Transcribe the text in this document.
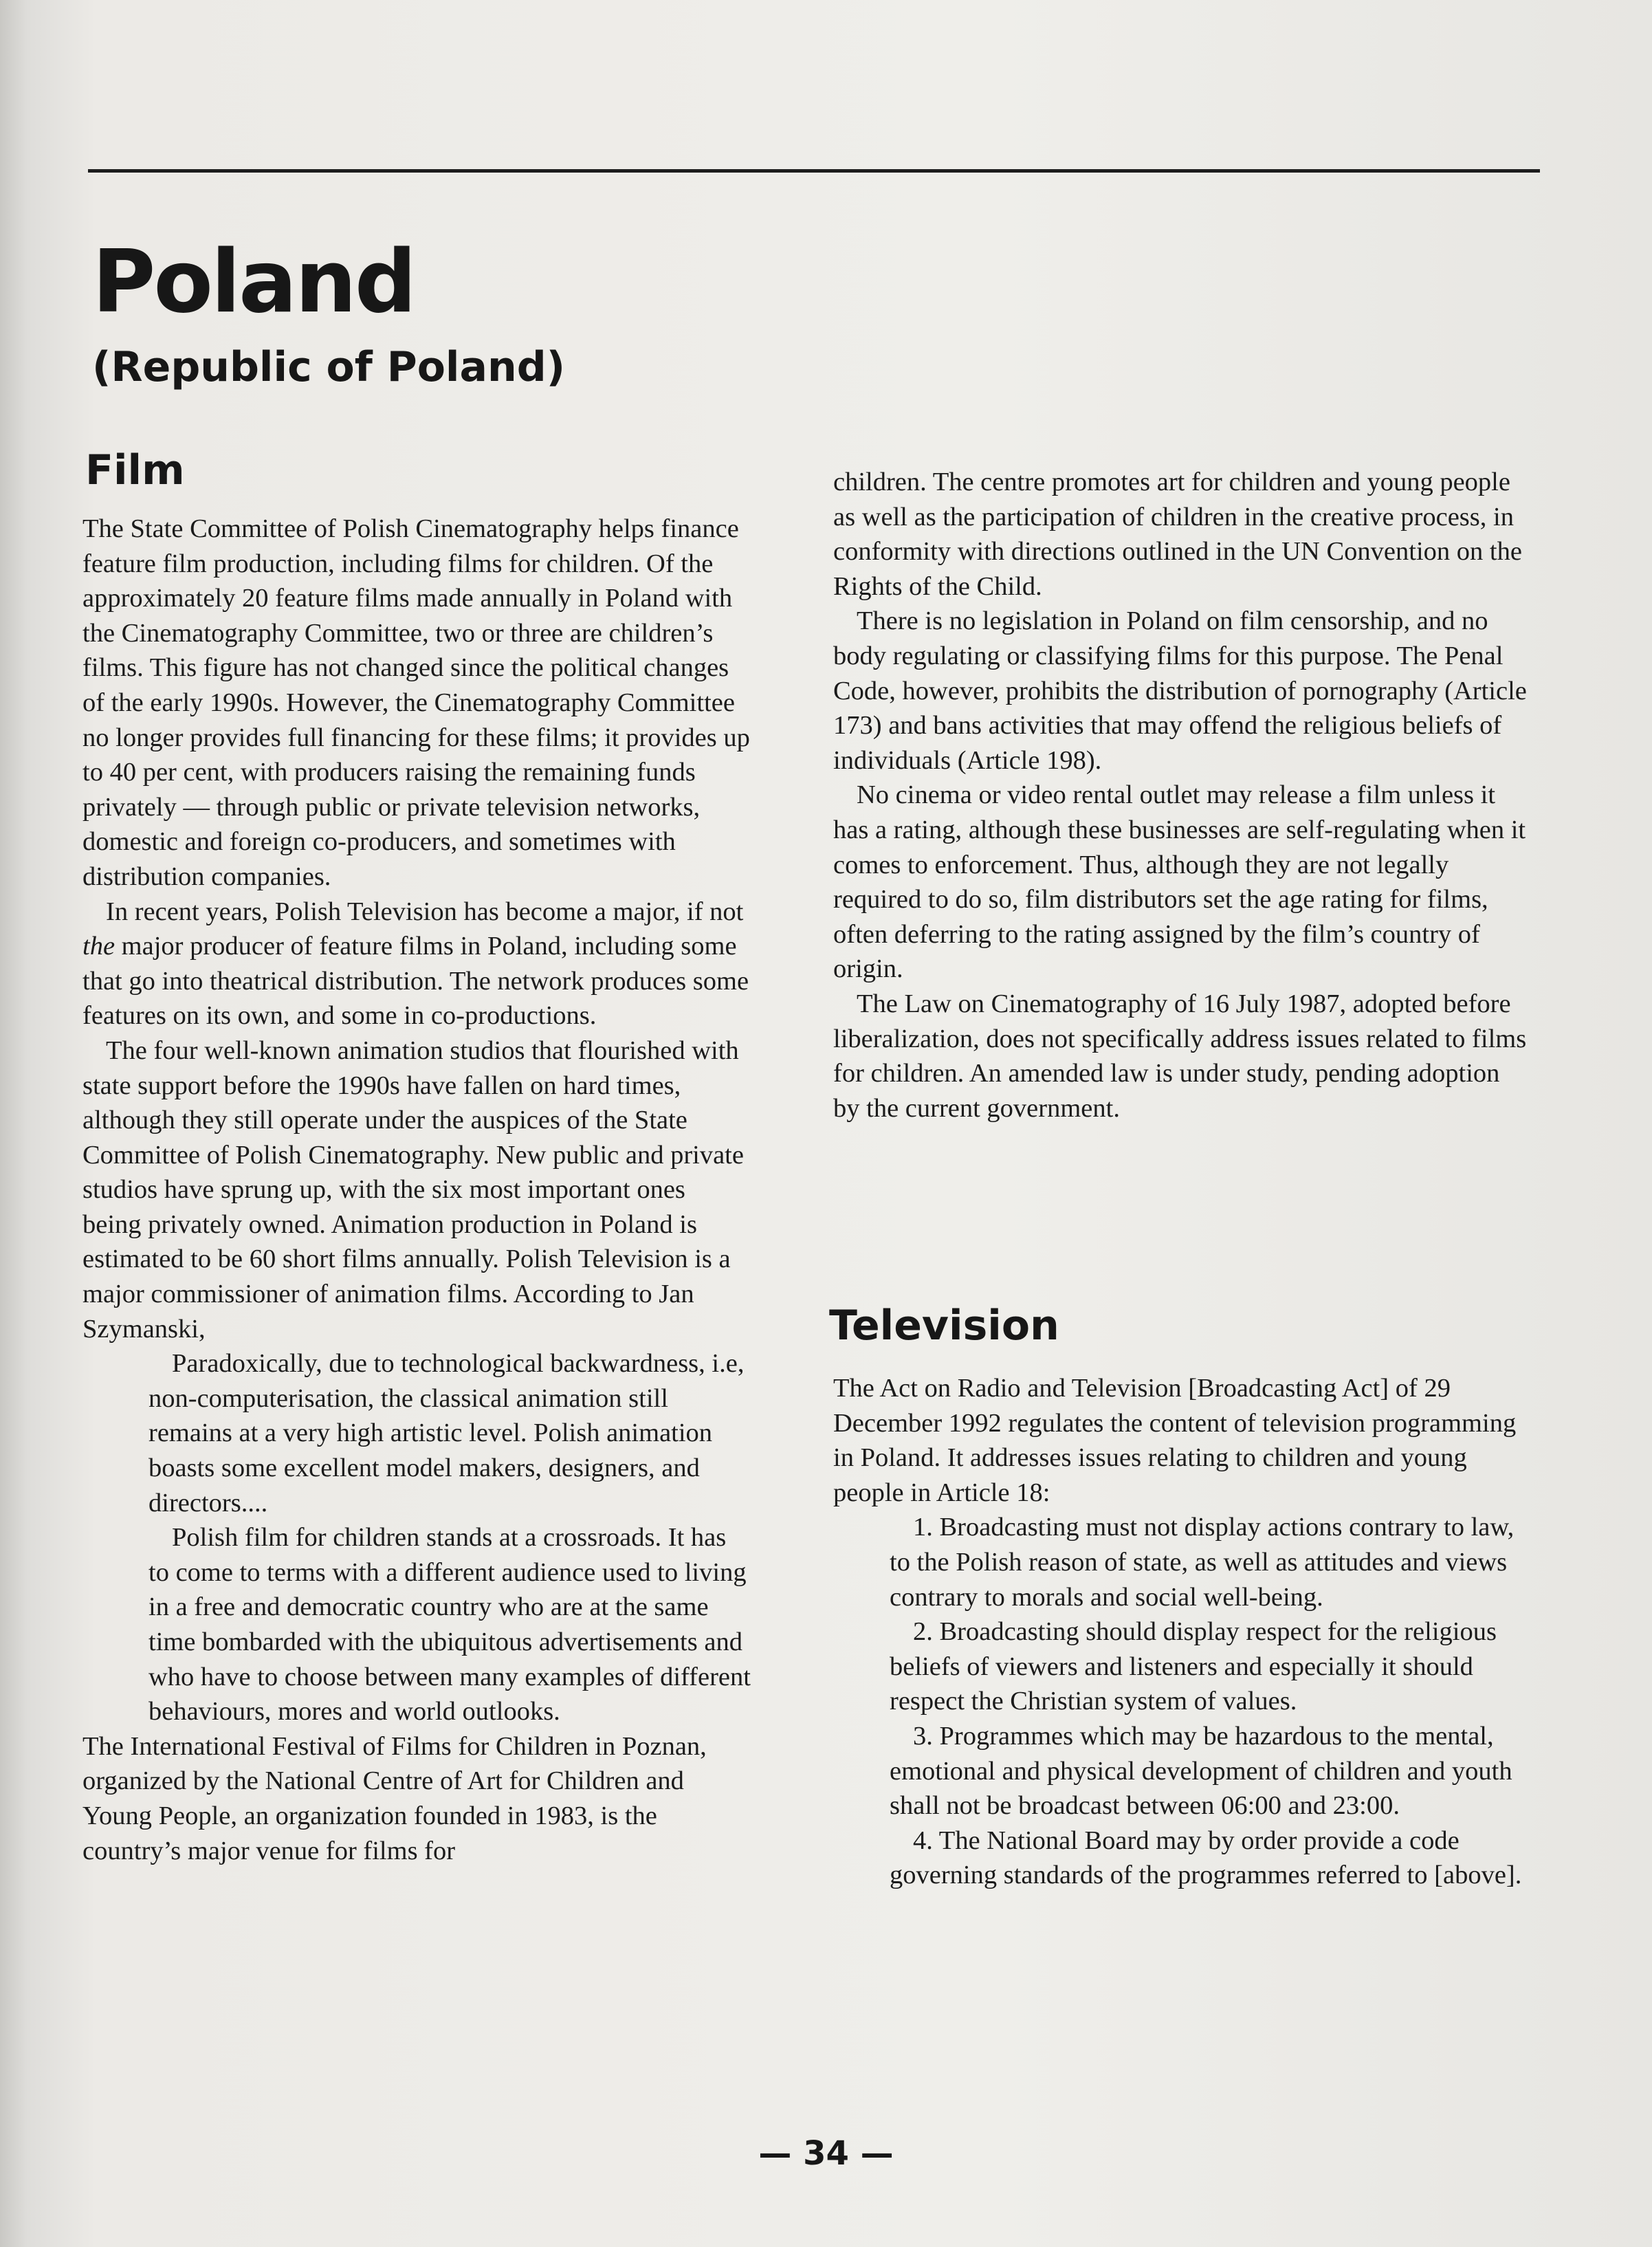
Poland
(Republic of Poland)
Film

The State Committee of Polish Cinematography helps finance feature film production, including films for children. Of the approximately 20 feature films made annually in Poland with the Cinematography Committee, two or three are children’s films. This figure has not changed since the political changes of the early 1990s. However, the Cinematography Committee no longer provides full financing for these films; it provides up to 40 per cent, with producers raising the remaining funds privately — through public or private television networks, domestic and foreign co-producers, and sometimes with distribution companies.

In recent years, Polish Television has become a major, if not the major producer of feature films in Poland, including some that go into theatrical distribution. The network produces some features on its own, and some in co-productions.

The four well-known animation studios that flourished with state support before the 1990s have fallen on hard times, although they still operate under the auspices of the State Committee of Polish Cinematography. New public and private studios have sprung up, with the six most important ones being privately owned. Animation production in Poland is estimated to be 60 short films annually. Polish Television is a major commissioner of animation films. According to Jan Szymanski,

Paradoxically, due to technological backwardness, i.e, non-computerisation, the classical animation still remains at a very high artistic level. Polish animation boasts some excellent model makers, designers, and directors....

Polish film for children stands at a crossroads. It has to come to terms with a different audience used to living in a free and democratic country who are at the same time bombarded with the ubiquitous advertisements and who have to choose between many examples of different behaviours, mores and world outlooks.

The International Festival of Films for Children in Poznan, organized by the National Centre of Art for Children and Young People, an organization founded in 1983, is the country’s major venue for films for

children. The centre promotes art for children and young people as well as the participation of children in the creative process, in conformity with directions outlined in the UN Convention on the Rights of the Child.

There is no legislation in Poland on film censorship, and no body regulating or classifying films for this purpose. The Penal Code, however, prohibits the distribution of pornography (Article 173) and bans activities that may offend the religious beliefs of individuals (Article 198).

No cinema or video rental outlet may release a film unless it has a rating, although these businesses are self-regulating when it comes to enforcement. Thus, although they are not legally required to do so, film distributors set the age rating for films, often deferring to the rating assigned by the film’s country of origin.

The Law on Cinematography of 16 July 1987, adopted before liberalization, does not specifically address issues related to films for children. An amended law is under study, pending adoption by the current government.

Television

The Act on Radio and Television [Broadcasting Act] of 29 December 1992 regulates the content of television programming in Poland. It addresses issues relating to children and young people in Article 18:

1. Broadcasting must not display actions contrary to law, to the Polish reason of state, as well as attitudes and views contrary to morals and social well-being.

2. Broadcasting should display respect for the religious beliefs of viewers and listeners and especially it should respect the Christian system of values.

3. Programmes which may be hazardous to the mental, emotional and physical development of children and youth shall not be broadcast between 06:00 and 23:00.

4. The National Board may by order provide a code governing standards of the programmes referred to [above].

— 34 —
